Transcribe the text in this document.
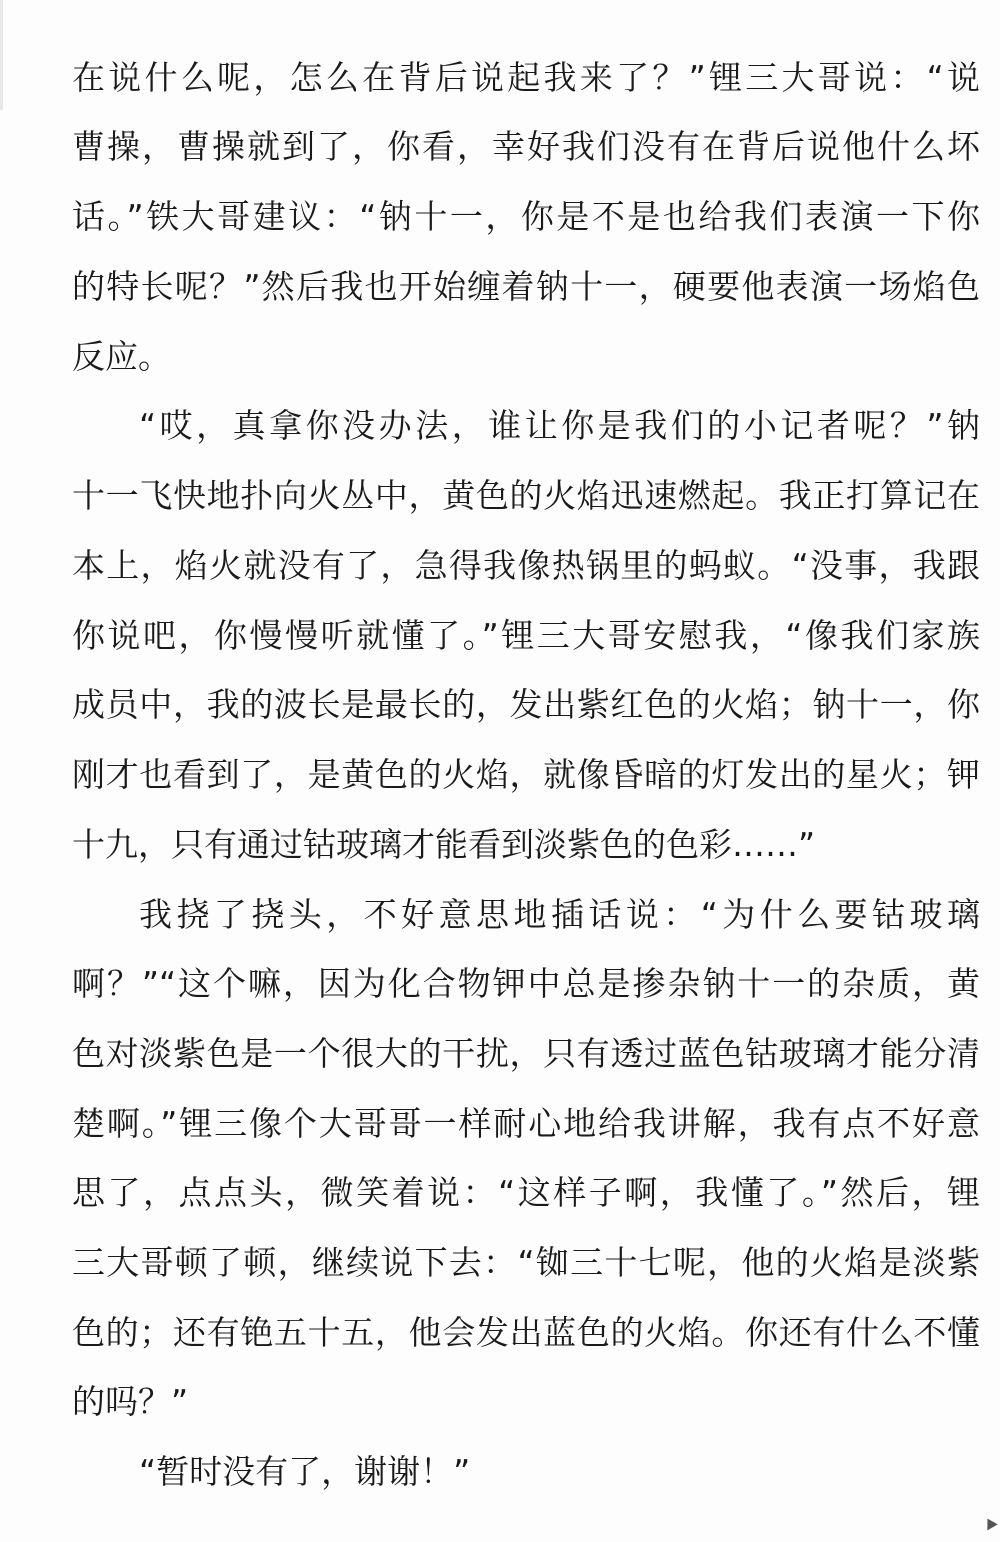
在说什么呢，怎么在背后说起我来了？”锂三大哥说：“说
曹操，曹操就到了，你看，幸好我们没有在背后说他什么坏
话。”铁大哥建议：“钠十一，你是不是也给我们表演一下你
的特长呢？”然后我也开始缠着钠十一，硬要他表演一场焰色
反应。
“哎，真拿你没办法，谁让你是我们的小记者呢？”钠
十一飞快地扑向火丛中，黄色的火焰迅速燃起。我正打算记在
本上，焰火就没有了，急得我像热锅里的蚂蚁。“没事，我跟
你说吧，你慢慢听就懂了。”锂三大哥安慰我，“像我们家族
成员中，我的波长是最长的，发出紫红色的火焰；钠十一，你
刚才也看到了，是黄色的火焰，就像昏暗的灯发出的星火；钾
十九，只有通过钴玻璃才能看到淡紫色的色彩……”
我挠了挠头，不好意思地插话说：“为什么要钴玻璃
啊？”“这个嘛，因为化合物钾中总是掺杂钠十一的杂质，黄
色对淡紫色是一个很大的干扰，只有透过蓝色钴玻璃才能分清
楚啊。”锂三像个大哥哥一样耐心地给我讲解，我有点不好意
思了，点点头，微笑着说：“这样子啊，我懂了。”然后，锂
三大哥顿了顿，继续说下去：“铷三十七呢，他的火焰是淡紫
色的；还有铯五十五，他会发出蓝色的火焰。你还有什么不懂
的吗？”
“暂时没有了，谢谢！”
